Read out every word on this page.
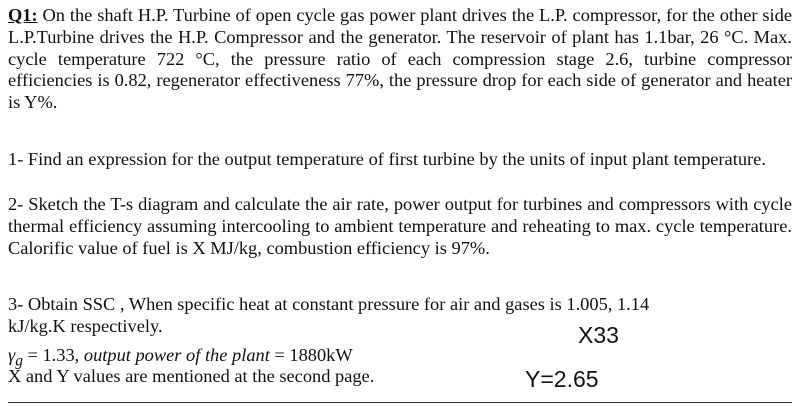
Q1: On the shaft H.P. Turbine of open cycle gas power plant drives the L.P. compressor, for the other side L.P.Turbine drives the H.P. Compressor and the generator. The reservoir of plant has 1.1bar, 26 °C. Max. cycle temperature 722 °C, the pressure ratio of each compression stage 2.6, turbine compressor efficiencies is 0.82, regenerator effectiveness 77%, the pressure drop for each side of generator and heater is Y%.

1- Find an expression for the output temperature of first turbine by the units of input plant temperature.

2- Sketch the T-s diagram and calculate the air rate, power output for turbines and compressors with cycle thermal efficiency assuming intercooling to ambient temperature and reheating to max. cycle temperature. Calorific value of fuel is X MJ/kg, combustion efficiency is 97%.

3- Obtain SSC , When specific heat at constant pressure for air and gases is 1.005, 1.14

kJ/kg.K respectively.
$\gamma_g = 1.33$, output power of the plant = 1880kW
X and Y values are mentioned at the second page.
X33
Y=2.65
